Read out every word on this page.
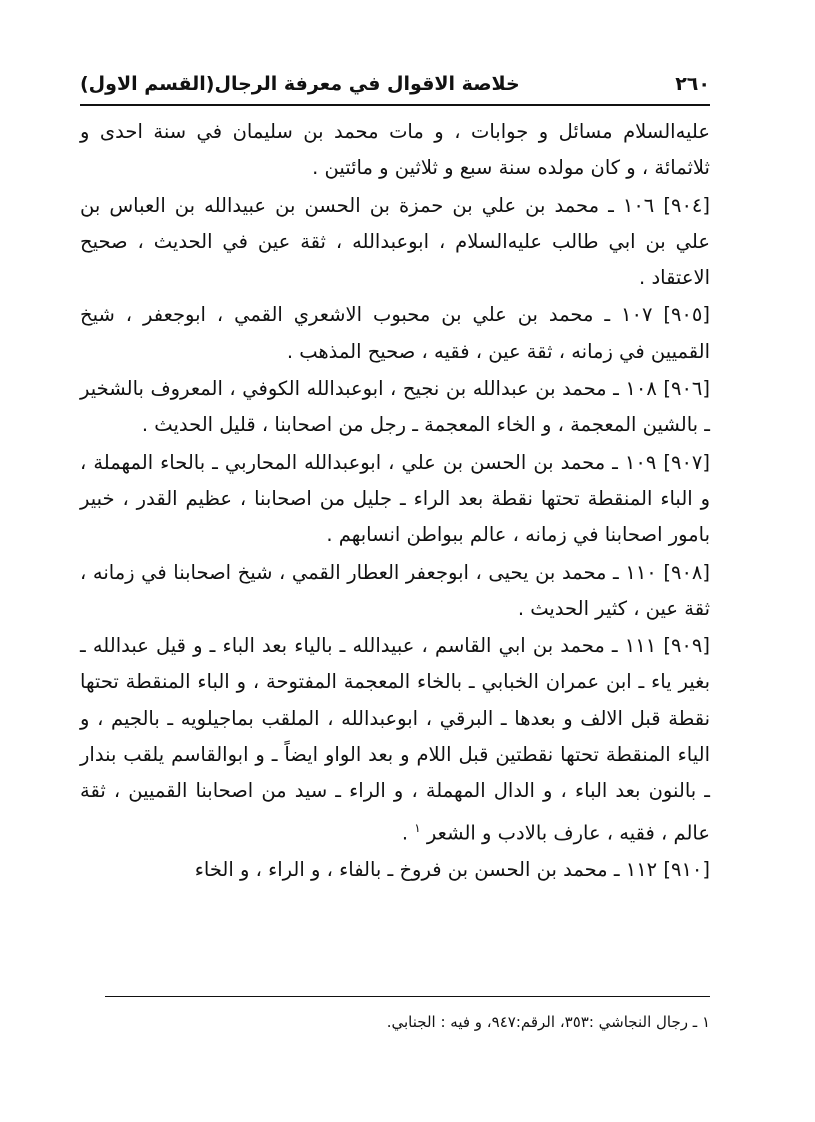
٢٦٠
خلاصة الاقوال في معرفة الرجال(القسم الاول)

عليه‌السلام مسائل و جوابات ، و مات محمد بن سليمان في سنة احدى و ثلاثمائة ، و كان مولده سنة سبع و ثلاثين و مائتين .

[٩٠٤] ١٠٦ ـ محمد بن علي بن حمزة بن الحسن بن عبيدالله بن العباس بن علي بن ابي طالب عليه‌السلام ، ابوعبدالله ، ثقة عين في الحديث ، صحيح الاعتقاد .

[٩٠٥] ١٠٧ ـ محمد بن علي بن محبوب الاشعري القمي ، ابوجعفر ، شيخ القميين في زمانه ، ثقة عين ، فقيه ، صحيح المذهب .

[٩٠٦] ١٠٨ ـ محمد بن عبدالله بن نجيح ، ابوعبدالله الكوفي ، المعروف بالشخير ـ بالشين المعجمة ، و الخاء المعجمة ـ رجل من اصحابنا ، قليل الحديث .

[٩٠٧] ١٠٩ ـ محمد بن الحسن بن علي ، ابوعبدالله المحاربي ـ بالحاء المهملة ، و الباء المنقطة تحتها نقطة بعد الراء ـ جليل من اصحابنا ، عظيم القدر ، خبير بامور اصحابنا في زمانه ، عالم ببواطن انسابهم .

[٩٠٨] ١١٠ ـ محمد بن يحيى ، ابوجعفر العطار القمي ، شيخ اصحابنا في زمانه ، ثقة عين ، كثير الحديث .

[٩٠٩] ١١١ ـ محمد بن ابي القاسم ، عبيدالله ـ بالياء بعد الباء ـ و قيل عبدالله ـ بغير ياء ـ ابن عمران الخبابي ـ بالخاء المعجمة المفتوحة ، و الباء المنقطة تحتها نقطة قبل الالف و بعدها ـ البرقي ، ابوعبدالله ، الملقب بماجيلويه ـ بالجيم ، و الياء المنقطة تحتها نقطتين قبل اللام و بعد الواو ايضاً ـ و ابوالقاسم يلقب بندار ـ بالنون بعد الباء ، و الدال المهملة ، و الراء ـ سيد من اصحابنا القميين ، ثقة عالم ، فقيه ، عارف بالادب و الشعر $^١$ .

[٩١٠] ١١٢ ـ محمد بن الحسن بن فروخ ـ بالفاء ، و الراء ، و الخاء

١ ـ رجال النجاشي :٣٥٣، الرقم:٩٤٧، و فيه : الجنابي.
